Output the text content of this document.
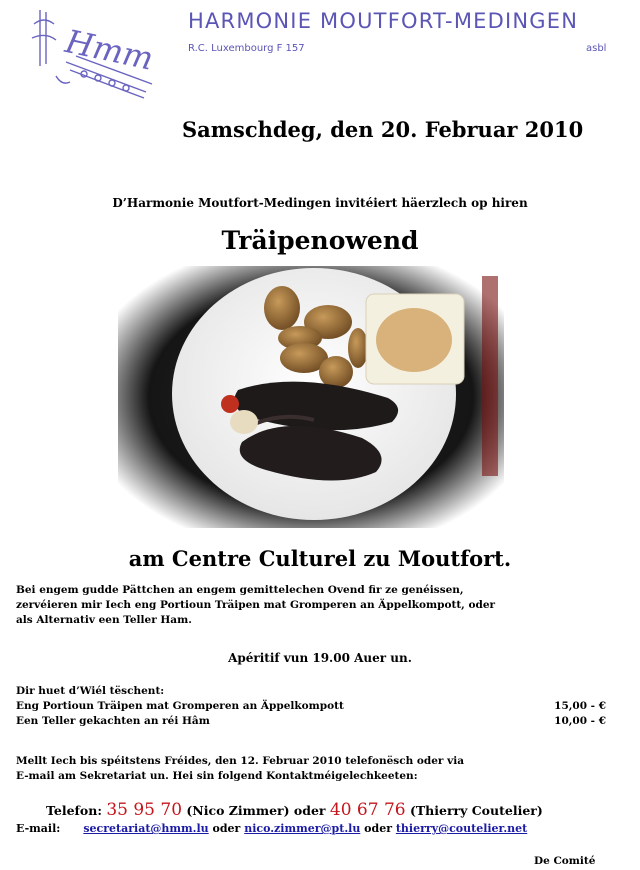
Hmm
HARMONIE MOUTFORT-MEDINGEN
R.C. Luxembourg F 157	asbl
Samschdeg, den 20. Februar 2010
D’Harmonie Moutfort-Medingen invitéiert häerzlech op hiren
Träipenowend
am Centre Culturel zu Moutfort.
Bei engem gudde Pättchen an engem gemittelechen Ovend fir ze genéissen,
zervéieren mir Iech eng Portioun Träipen mat Gromperen an Äppelkompott, oder
als Alternativ een Teller Ham.
Apéritif vun 19.00 Auer un.
Dir huet d’Wiél tëschent:
Eng Portioun Träipen mat Gromperen an Äppelkompott	15,00 - €
Een Teller gekachten an réi Hâm	10,00 - €
Mellt Iech bis spéitstens Fréides, den 12. Februar 2010 telefonësch oder via
E-mail am Sekretariat un. Hei sin folgend Kontaktméigelechkeeten:
Telefon: 35 95 70 (Nico Zimmer) oder 40 67 76 (Thierry Coutelier)
E-mail: secretariat@hmm.lu oder nico.zimmer@pt.lu oder thierry@coutelier.net
De Comité
